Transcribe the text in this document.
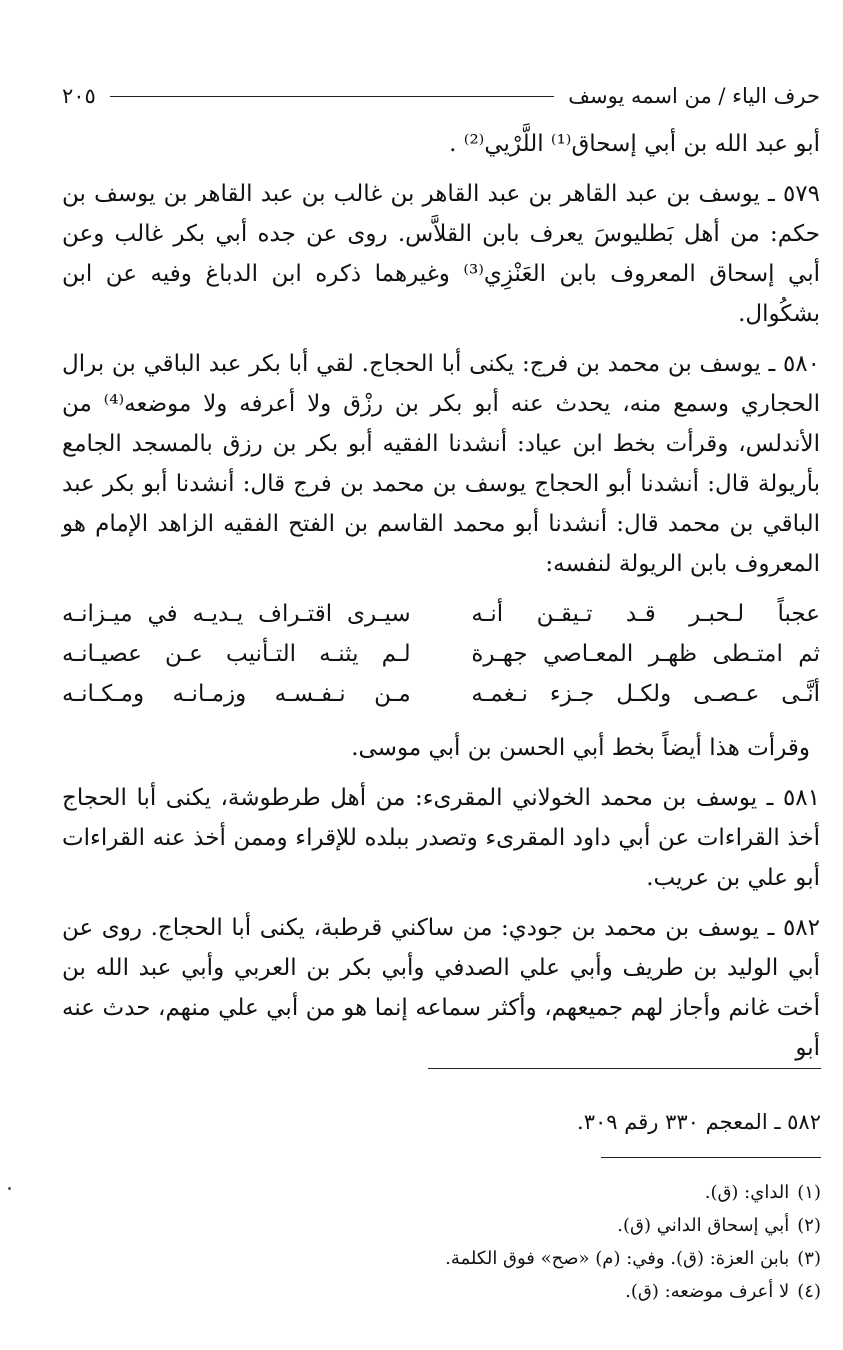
حرف الياء / من اسمه يوسف
٢٠٥

أبو عبد الله بن أبي إسحاق⁽¹⁾ اللَّرْيي⁽²⁾ .

٥٧٩ ـ يوسف بن عبد القاهر بن عبد القاهر بن غالب بن عبد القاهر بن يوسف بن حكم: من أهل بَطليوسَ يعرف بابن القلاَّس. روى عن جده أبي بكر غالب وعن أبي إسحاق المعروف بابن العَنْزِي⁽³⁾ وغيرهما ذكره ابن الدباغ وفيه عن ابن بشكُوال.

٥٨٠ ـ يوسف بن محمد بن فرج: يكنى أبا الحجاج. لقي أبا بكر عبد الباقي بن برال الحجاري وسمع منه، يحدث عنه أبو بكر بن رزْق ولا أعرفه ولا موضعه⁽⁴⁾ من الأندلس، وقرأت بخط ابن عياد: أنشدنا الفقيه أبو بكر بن رزق بالمسجد الجامع بأريولة قال: أنشدنا أبو الحجاج يوسف بن محمد بن فرج قال: أنشدنا أبو بكر عبد الباقي بن محمد قال: أنشدنا أبو محمد القاسم بن الفتح الفقيه الزاهد الإمام هو المعروف بابن الريولة لنفسه:

عجباً لـحبـر قـد تـيقـن أنـه
سيـرى اقتـراف يـديـه في ميـزانـه
ثم امتـطى ظهـر المعـاصي جهـرة
لـم يثنـه التـأنيب عـن عصيـانـه
أنَّـى عـصـى ولكـل جـزء نـغمـه
مـن نـفـسـه وزمـانـه ومـكـانـه
وقرأت هذا أيضاً بخط أبي الحسن بن أبي موسى.

٥٨١ ـ يوسف بن محمد الخولاني المقرىء: من أهل طرطوشة، يكنى أبا الحجاج أخذ القراءات عن أبي داود المقرىء وتصدر ببلده للإقراء وممن أخذ عنه القراءات أبو علي بن عريب.

٥٨٢ ـ يوسف بن محمد بن جودي: من ساكني قرطبة، يكنى أبا الحجاج. روى عن أبي الوليد بن طريف وأبي علي الصدفي وأبي بكر بن العربي وأبي عبد الله بن أخت غانم وأجاز لهم جميعهم، وأكثر سماعه إنما هو من أبي علي منهم، حدث عنه أبو

٥٨٢ ـ المعجم ٣٣٠ رقم ٣٠٩.
(١)الداي: (ق).
(٢)أبي إسحاق الداني (ق).
(٣)بابن العزة: (ق). وفي: (م) «صح» فوق الكلمة.
(٤)لا أعرف موضعه: (ق).
